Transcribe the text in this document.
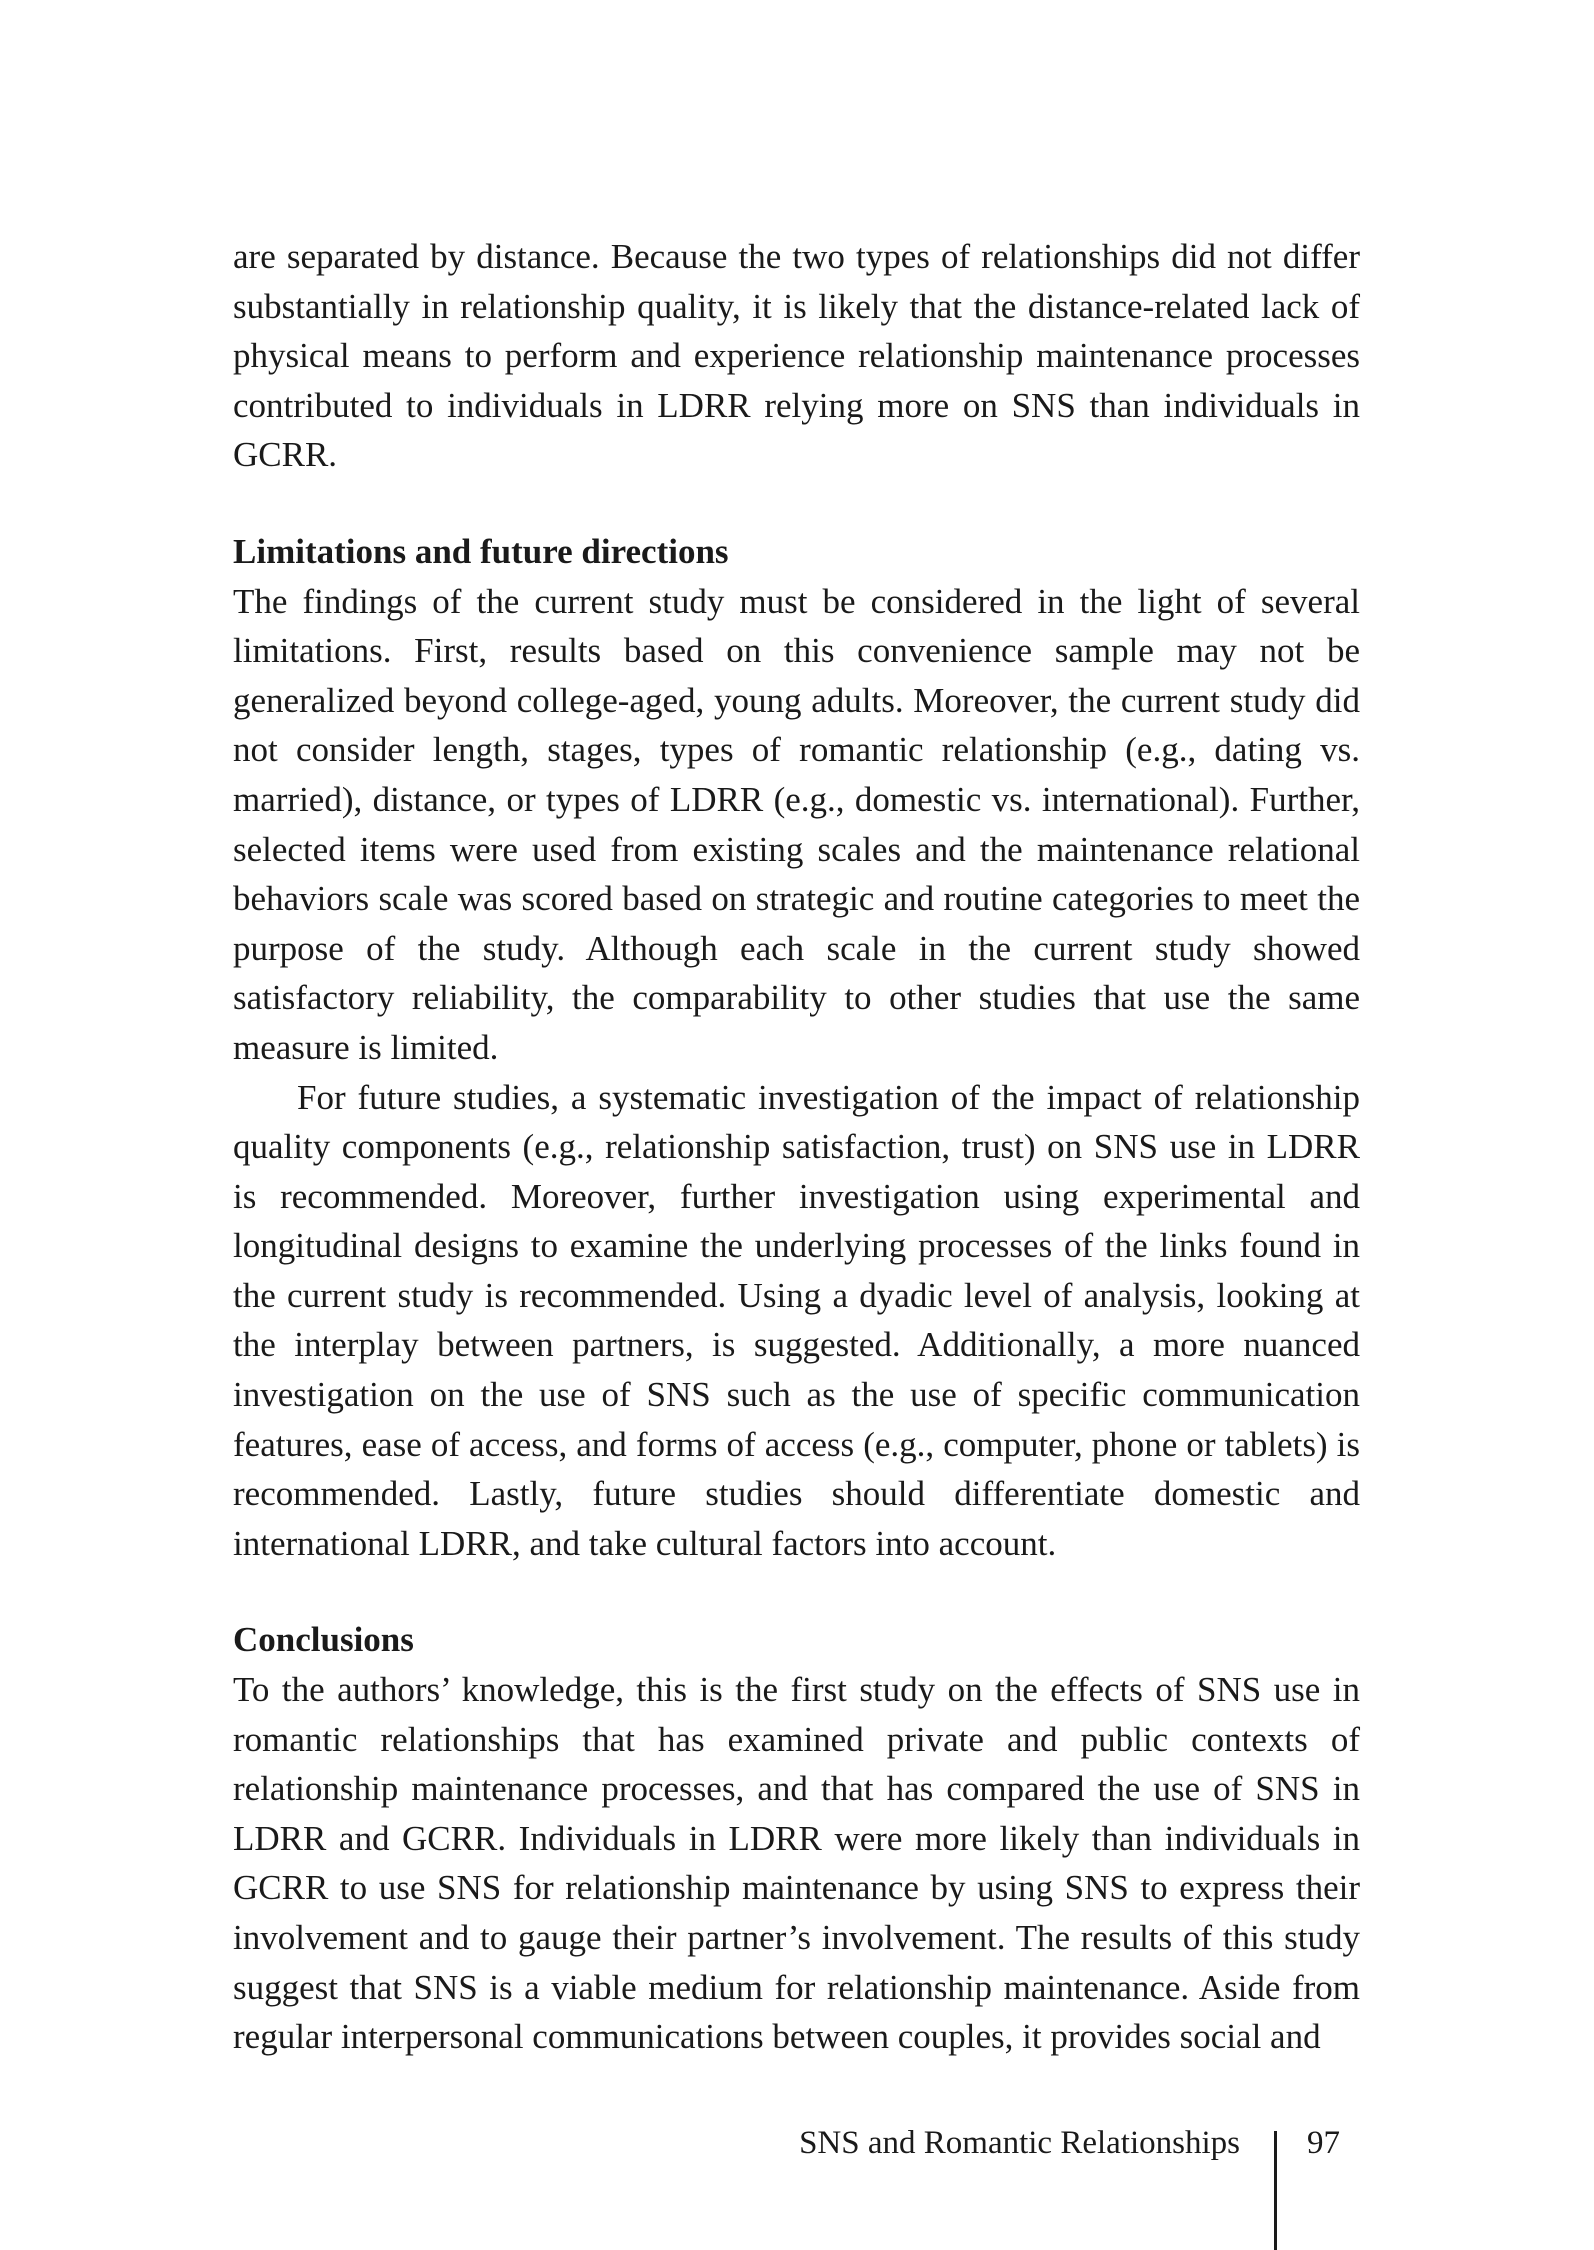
are separated by distance. Because the two types of relationships did not differ substantially in relationship quality, it is likely that the distance-related lack of physical means to perform and experience relationship maintenance processes contributed to individuals in LDRR relying more on SNS than individuals in GCRR.

Limitations and future directions

The findings of the current study must be considered in the light of several limitations. First, results based on this convenience sample may not be generalized beyond college-aged, young adults. Moreover, the current study did not consider length, stages, types of romantic relationship (e.g., dating vs. married), distance, or types of LDRR (e.g., domestic vs. international). Further, selected items were used from existing scales and the maintenance relational behaviors scale was scored based on strategic and routine categories to meet the purpose of the study. Although each scale in the current study showed satisfactory reliability, the comparability to other studies that use the same measure is limited.

For future studies, a systematic investigation of the impact of relationship quality components (e.g., relationship satisfaction, trust) on SNS use in LDRR is recommended. Moreover, further investigation using experimental and longitudinal designs to examine the underlying processes of the links found in the current study is recommended. Using a dyadic level of analysis, looking at the interplay between partners, is suggested. Additionally, a more nuanced investigation on the use of SNS such as the use of specific communication features, ease of access, and forms of access (e.g., computer, phone or tablets) is recommended. Lastly, future studies should differentiate domestic and international LDRR, and take cultural factors into account.

Conclusions

To the authors’ knowledge, this is the first study on the effects of SNS use in romantic relationships that has examined private and public contexts of relationship maintenance processes, and that has compared the use of SNS in LDRR and GCRR. Individuals in LDRR were more likely than individuals in GCRR to use SNS for relationship maintenance by using SNS to express their involvement and to gauge their partner’s involvement. The results of this study suggest that SNS is a viable medium for relationship maintenance. Aside from regular interpersonal communications between couples, it provides social and

SNS and Romantic Relationships 97
